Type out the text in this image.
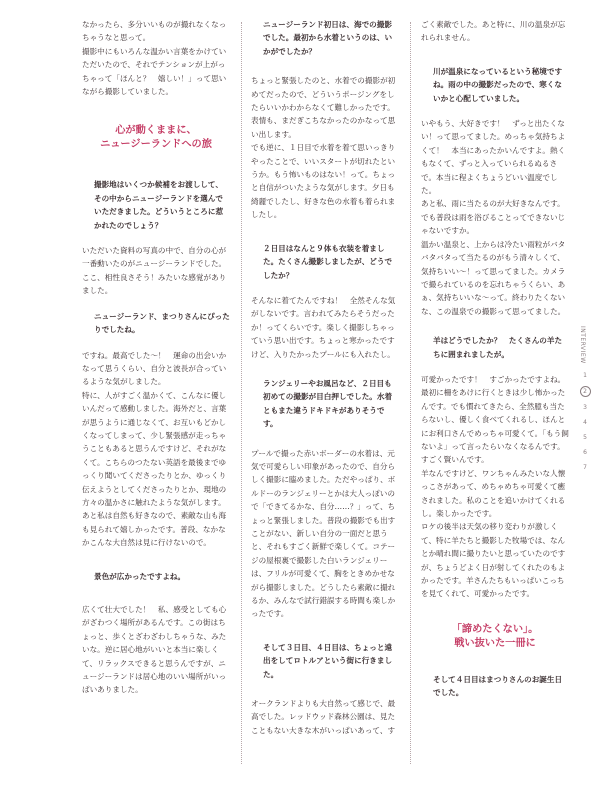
なかったら、多分いいものが撮れなくなっちゃうなと思って。
撮影中にもいろんな温かい言葉をかけていただいたので、それでテンションが上がっちゃって「ほんと？　嬉しい！」って思いながら撮影していました。

心が動くままに、
ニュージーランドへの旅

撮影地はいくつか候補をお渡しして、その中からニュージーランドを選んでいただきました。どういうところに惹かれたのでしょう？

いただいた資料の写真の中で、自分の心が一番動いたのがニュージーランドでした。ここ、相性良さそう！みたいな感覚がありました。

ニュージーランド、まつりさんにぴったりでしたね。

ですね。最高でした～！　運命の出会いかなって思うくらい、自分と波長が合っているような気がしました。
特に、人がすごく温かくて、こんなに優しいんだって感動しました。海外だと、言葉が思うように通じなくて、お互いもどかしくなってしまって、少し緊張感が走っちゃうこともあると思うんですけど、それがなくて。こちらのつたない英語を最後までゆっくり聞いてくださったりとか、ゆっくり伝えようとしてくださったりとか、現地の方々の温かさに触れたような気がします。
あと私は自然も好きなので、素敵な山も海も見られて嬉しかったです。普段、なかなかこんな大自然は見に行けないので。

景色が広かったですよね。

広くて壮大でした！　私、感受としても心がざわつく場所があるんです。この街はちょっと、歩くとざわざわしちゃうな、みたいな。逆に居心地がいいと本当に楽しくて、リラックスできると思うんですが、ニュージーランドは居心地のいい場所がいっぱいありました。

ニュージーランド初日は、海での撮影でした。最初から水着というのは、いかがでしたか？

ちょっと緊張したのと、水着での撮影が初めてだったので、どういうポージングをしたらいいかわからなくて難しかったです。表情も、まだぎこちなかったのかなって思い出します。
でも逆に、１日目で水着を着て思いっきりやったことで、いいスタートが切れたというか。もう怖いものはない！って。ちょっと自信がついたような気がします。夕日も綺麗でしたし、好きな色の水着も着られましたし。

２日目はなんと９体も衣装を着ました。たくさん撮影しましたが、どうでしたか？

そんなに着てたんですね！　全然そんな気がしないです。言われてみたらそうだったか！ってくらいです。楽しく撮影しちゃっていう思い出です。ちょっと寒かったですけど、入りたかったプールにも入れたし。

ランジェリーやお風呂など、２日目も初めての撮影が目白押しでした。水着ともまた違うドキドキがありそうです。

プールで撮った赤いボーダーの水着は、元気で可愛らしい印象があったので、自分らしく撮影に臨めました。ただやっぱり、ボルドーのランジェリーとかは大人っぽいので「できてるかな、自分……？」って、ちょっと緊張しました。普段の撮影でも出すことがない、新しい自分の一面だと思うと、それもすごく新鮮で楽しくて。コテージの屋根裏で撮影した白いランジェリーは、フリルが可愛くて、胸をときめかせながら撮影しました。どうしたら素敵に撮れるか、みんなで試行錯誤する時間も楽しかったです。

そして３日目、４日目は、ちょっと遠出をしてロトルアという街に行きました。

オークランドよりも大自然って感じで、最高でした。レッドウッド森林公園は、見たこともない大きな木がいっぱいあって、す

ごく素敵でした。あと特に、川の温泉が忘れられません。

川が温泉になっているという秘境ですね。雨の中の撮影だったので、寒くないかと心配していました。

いやもう、大好きです！　ずっと出たくない！って思ってました。めっちゃ気持ちよくて！　本当にあったかいんですよ。熱くもなくて、ずっと入っていられるぬるさで。本当に程よくちょうどいい温度でした。
あと私、雨に当たるのが大好きなんです。でも普段は雨を浴びることってできないじゃないですか。
温かい温泉と、上からは冷たい雨粒がバタバタバタって当たるのがもう清々しくて、気持ちいい～！って思ってました。カメラで撮られているのを忘れちゃうくらい、あぁ、気持ちいいな～って。終わりたくないな、この温泉での撮影って思ってました。

羊はどうでしたか？　たくさんの羊たちに囲まれましたが。

可愛かったです！　すごかったですよね。最初に柵をあけに行くときは少し怖かったんです。でも慣れてきたら、全然臆も当たらないし、優しく食べてくれるし、ほんとにお利口さんでめっちゃ可愛くて。「もう飼ないよ」って言ったらいなくなるんです。すごく賢いんです。
羊なんですけど、ワンちゃんみたいな人懐っこさがあって、めちゃめちゃ可愛くて癒されました。私のことを追いかけてくれるし。楽しかったです。
ロケの後半は天気の移り変わりが激しくて、特に羊たちと撮影した牧場では、なんとか晴れ間に撮りたいと思っていたのですが、ちょうどよく日が射してくれたのもよかったです。羊さんたちもいっぱいこっちを見てくれて、可愛かったです。

「諦めたくない」。
戦い抜いた一冊に

そして４日目はまつりさんのお誕生日でした。

INTERVIEW
1
2
3
4
5
6
7
